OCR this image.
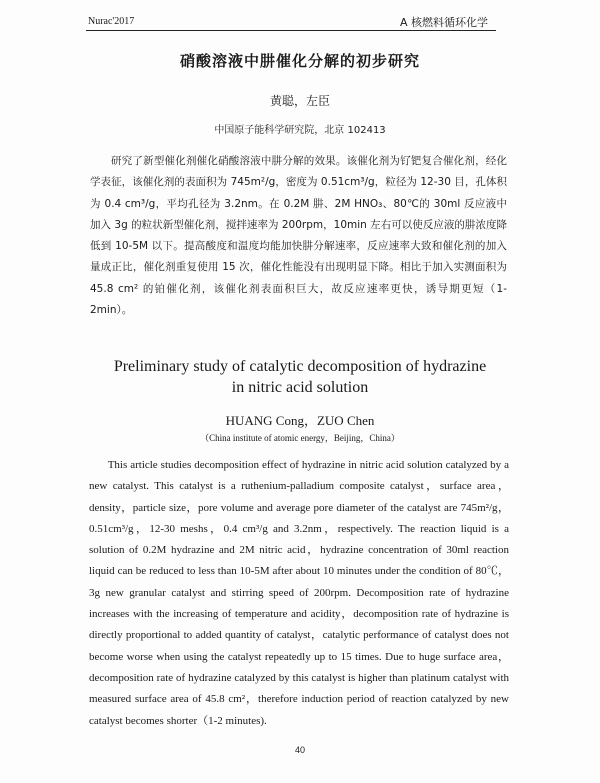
Nurac'2017	A 核燃料循环化学
硝酸溶液中肼催化分解的初步研究
黄聪，左臣
中国原子能科学研究院，北京 102413

研究了新型催化剂催化硝酸溶液中肼分解的效果。该催化剂为钌钯复合催化剂，经化学表征，该催化剂的表面积为 745m²/g，密度为 0.51cm³/g，粒径为 12-30 目，孔体积为 0.4 cm³/g，平均孔径为 3.2nm。在 0.2M 肼、2M HNO₃、80℃的 30ml 反应液中加入 3g 的粒状新型催化剂，搅拌速率为 200rpm，10min 左右可以使反应液的肼浓度降低到 10-5M 以下。提高酸度和温度均能加快肼分解速率，反应速率大致和催化剂的加入量成正比，催化剂重复使用 15 次，催化性能没有出现明显下降。相比于加入实测面积为 45.8 cm² 的铂催化剂，该催化剂表面积巨大，故反应速率更快，诱导期更短（1-2min）。

Preliminary study of catalytic decomposition of hydrazine
in nitric acid solution
HUANG Cong，ZUO Chen
（China institute of atomic energy，Beijing，China）

This article studies decomposition effect of hydrazine in nitric acid solution catalyzed by a new catalyst. This catalyst is a ruthenium-palladium composite catalyst，surface area，density，particle size，pore volume and average pore diameter of the catalyst are 745m²/g，0.51cm³/g，12-30 meshs，0.4 cm³/g and 3.2nm，respectively. The reaction liquid is a solution of 0.2M hydrazine and 2M nitric acid，hydrazine concentration of 30ml reaction liquid can be reduced to less than 10-5M after about 10 minutes under the condition of 80℃，3g new granular catalyst and stirring speed of 200rpm. Decomposition rate of hydrazine increases with the increasing of temperature and acidity，decomposition rate of hydrazine is directly proportional to added quantity of catalyst，catalytic performance of catalyst does not become worse when using the catalyst repeatedly up to 15 times. Due to huge surface area，decomposition rate of hydrazine catalyzed by this catalyst is higher than platinum catalyst with measured surface area of 45.8 cm²，therefore induction period of reaction catalyzed by new catalyst becomes shorter（1-2 minutes).

40
